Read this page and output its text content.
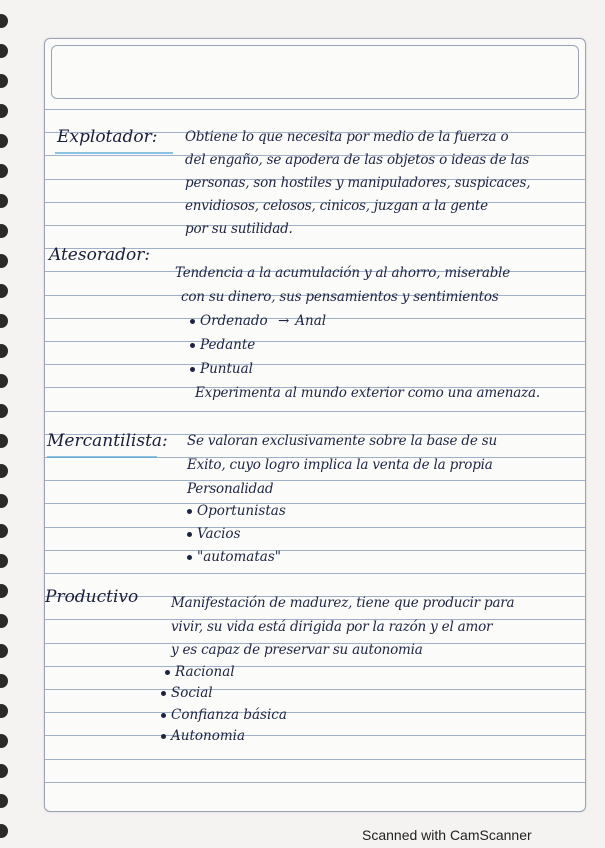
Explotador: Obtiene lo que necesita por medio de la fuerza o
del engaño, se apodera de las objetos o ideas de las
personas, son hostiles y manipuladores, suspicaces,
envidiosos, celosos, cinicos, juzgan a la gente
por su sutilidad.
Atesorador:
Tendencia a la acumulación y al ahorro, miserable
con su dinero, sus pensamientos y sentimientos
Ordenado → Anal
Pedante
Puntual
Experimenta al mundo exterior como una amenaza.
Mercantilista: Se valoran exclusivamente sobre la base de su
Exito, cuyo logro implica la venta de la propia
Personalidad
Oportunistas
Vacios
"automatas"
Productivo Manifestación de madurez, tiene que producir para
vivir, su vida está dirigida por la razón y el amor
y es capaz de preservar su autonomia
Racional
Social
Confianza básica
Autonomia
Scanned with CamScanner
